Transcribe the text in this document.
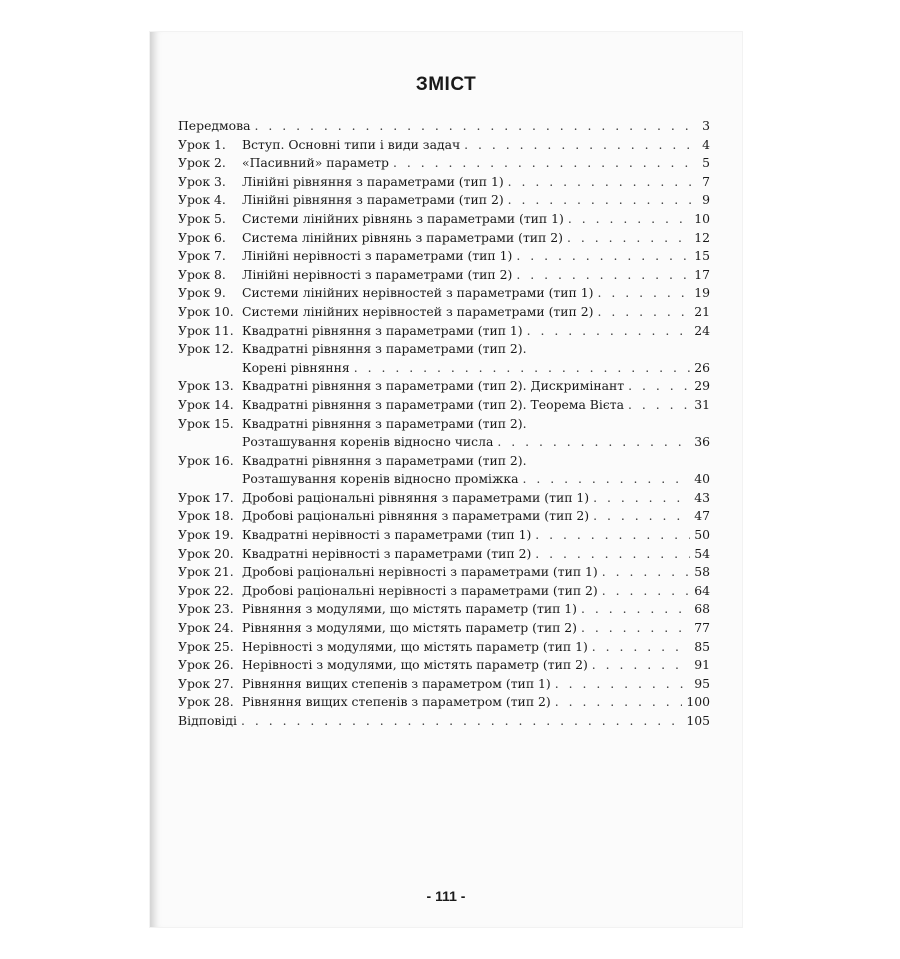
ЗМІСТ
Передмова . . .	3
Урок 1.	Вступ. Основні типи і види задач . . .	4
Урок 2.	«Пасивний» параметр . . .	5
Урок 3.	Лінійні рівняння з параметрами (тип 1) . . .	7
Урок 4.	Лінійні рівняння з параметрами (тип 2) . . .	9
Урок 5.	Системи лінійних рівнянь з параметрами (тип 1) . . .	10
Урок 6.	Система лінійних рівнянь з параметрами (тип 2) . . .	12
Урок 7.	Лінійні нерівності з параметрами (тип 1) . . .	15
Урок 8.	Лінійні нерівності з параметрами (тип 2) . . .	17
Урок 9.	Системи лінійних нерівностей з параметрами (тип 1) . . .	19
Урок 10. Системи лінійних нерівностей з параметрами (тип 2) . . .	21
Урок 11. Квадратні рівняння з параметрами (тип 1) . . .	24
Урок 12. Квадратні рівняння з параметрами (тип 2).
Корені рівняння . . .	26
Урок 13. Квадратні рівняння з параметрами (тип 2). Дискримінант . . .	29
Урок 14. Квадратні рівняння з параметрами (тип 2). Теорема Вієта . . .	31
Урок 15. Квадратні рівняння з параметрами (тип 2).
Розташування коренів відносно числа . . .	36
Урок 16. Квадратні рівняння з параметрами (тип 2).
Розташування коренів відносно проміжка . . .	40
Урок 17. Дробові раціональні рівняння з параметрами (тип 1) . . .	43
Урок 18. Дробові раціональні рівняння з параметрами (тип 2) . . .	47
Урок 19. Квадратні нерівності з параметрами (тип 1) . . .	50
Урок 20. Квадратні нерівності з параметрами (тип 2) . . .	54
Урок 21. Дробові раціональні нерівності з параметрами (тип 1) . . .	58
Урок 22. Дробові раціональні нерівності з параметрами (тип 2) . . .	64
Урок 23. Рівняння з модулями, що містять параметр (тип 1) . . .	68
Урок 24. Рівняння з модулями, що містять параметр (тип 2) . . .	77
Урок 25. Нерівності з модулями, що містять параметр (тип 1) . . .	85
Урок 26. Нерівності з модулями, що містять параметр (тип 2) . . .	91
Урок 27. Рівняння вищих степенів з параметром (тип 1) . . .	95
Урок 28. Рівняння вищих степенів з параметром (тип 2) . . .	100
Відповіді . . .	105
- 111 -
